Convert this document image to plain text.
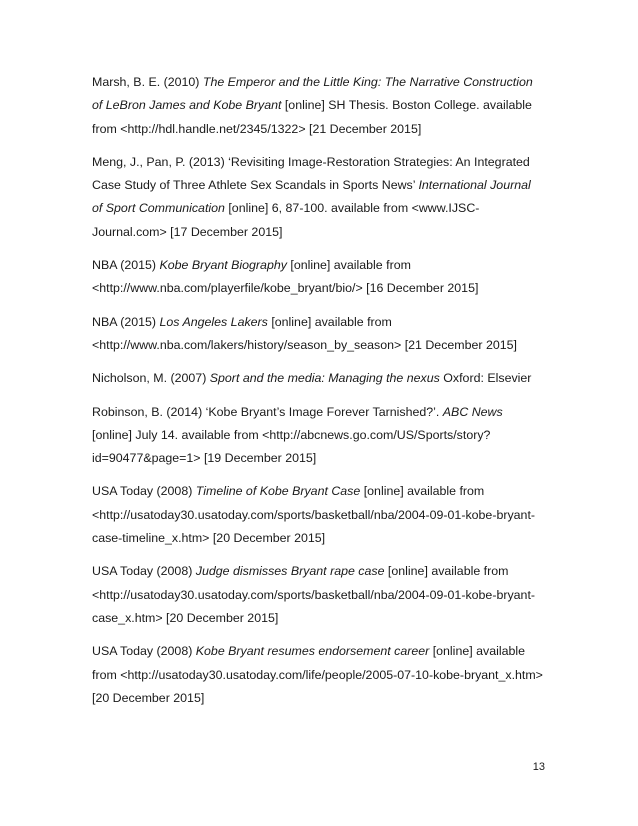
Marsh, B. E. (2010) The Emperor and the Little King: The Narrative Construction of LeBron James and Kobe Bryant [online] SH Thesis. Boston College. available from <http://hdl.handle.net/2345/1322> [21 December 2015]

Meng, J., Pan, P. (2013) ‘Revisiting Image-Restoration Strategies: An Integrated Case Study of Three Athlete Sex Scandals in Sports News’ International Journal of Sport Communication [online] 6, 87-100. available from <www.IJSC-Journal.com> [17 December 2015]

NBA (2015) Kobe Bryant Biography [online] available from <http://www.nba.com/playerfile/kobe_bryant/bio/> [16 December 2015]

NBA (2015) Los Angeles Lakers [online] available from <http://www.nba.com/lakers/history/season_by_season> [21 December 2015]

Nicholson, M. (2007) Sport and the media: Managing the nexus Oxford: Elsevier

Robinson, B. (2014) ‘Kobe Bryant’s Image Forever Tarnished?’. ABC News [online] July 14. available from <http://abcnews.go.com/US/Sports/story?id=90477&page=1> [19 December 2015]

USA Today (2008) Timeline of Kobe Bryant Case [online] available from <http://usatoday30.usatoday.com/sports/basketball/nba/2004-09-01-kobe-bryant-case-timeline_x.htm> [20 December 2015]

USA Today (2008) Judge dismisses Bryant rape case [online] available from <http://usatoday30.usatoday.com/sports/basketball/nba/2004-09-01-kobe-bryant-case_x.htm> [20 December 2015]

USA Today (2008) Kobe Bryant resumes endorsement career [online] available from <http://usatoday30.usatoday.com/life/people/2005-07-10-kobe-bryant_x.htm> [20 December 2015]

13
